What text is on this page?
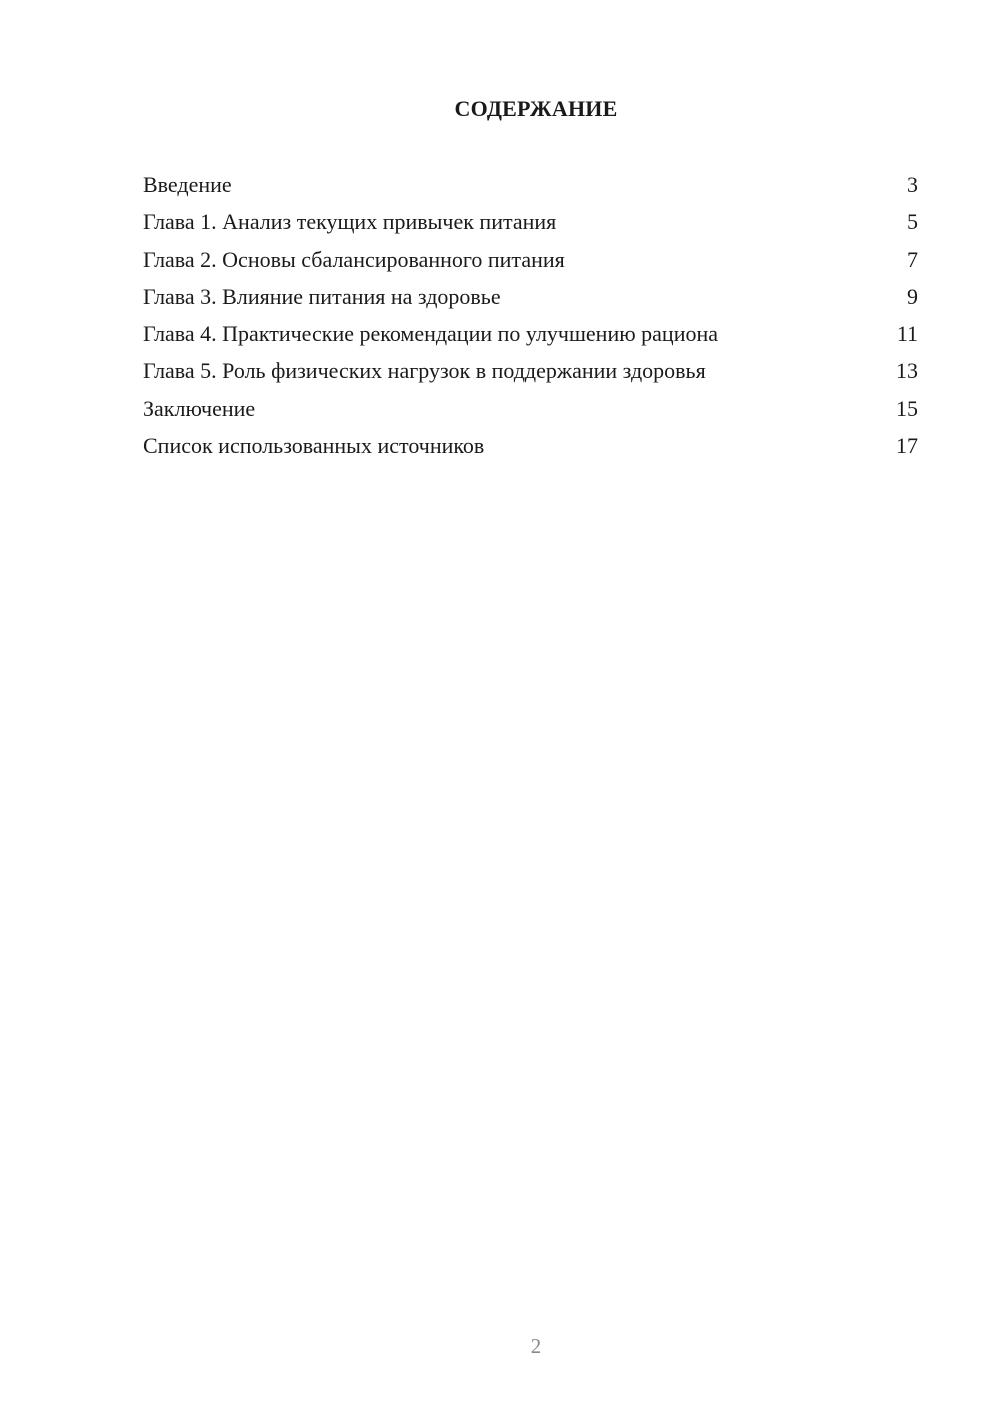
СОДЕРЖАНИЕ
Введение	3
Глава 1. Анализ текущих привычек питания	5
Глава 2. Основы сбалансированного питания	7
Глава 3. Влияние питания на здоровье	9
Глава 4. Практические рекомендации по улучшению рациона	11
Глава 5. Роль физических нагрузок в поддержании здоровья	13
Заключение	15
Список использованных источников	17
2
